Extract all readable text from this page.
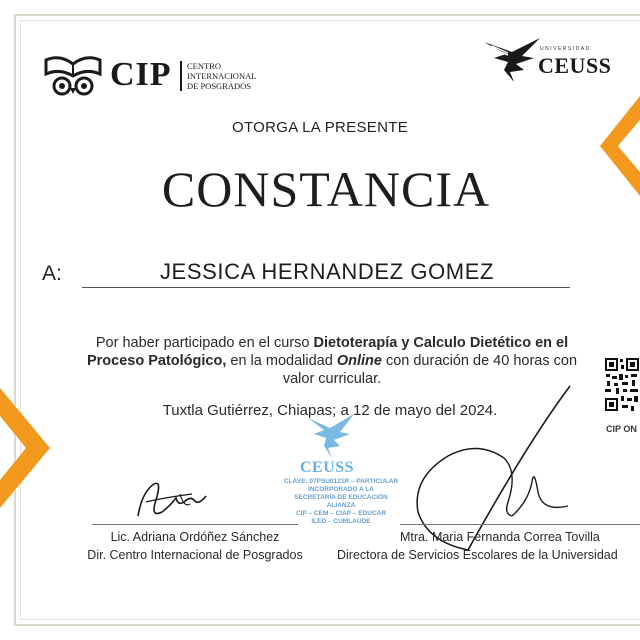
CIP CENTRO
INTERNACIONAL
DE POSGRADOS
UNIVERSIDAD
CEUSS
OTORGA LA PRESENTE
CONSTANCIA
A:	JESSICA HERNANDEZ GOMEZ
Por haber participado en el curso Dietoterapía y Calculo Dietético en el Proceso Patológico, en la modalidad Online con duración de 40 horas con valor curricular.
Tuxtla Gutiérrez, Chiapas; a 12 de mayo del 2024.
CIP ON
CEUSS
CLAVE: 07PSU0121R – PARTICULAR
INCORPORADO A LA
SECRETARÍA DE EDUCACIÓN
ALIANZA
CIP – CEM – CIAP – EDUCAR
ILED – CUMLAUDE
Lic. Adriana Ordóñez Sánchez
Dir. Centro Internacional de Posgrados
Mtra. Maria Fernanda Correa Tovilla
Directora de Servicios Escolares de la Universidad
